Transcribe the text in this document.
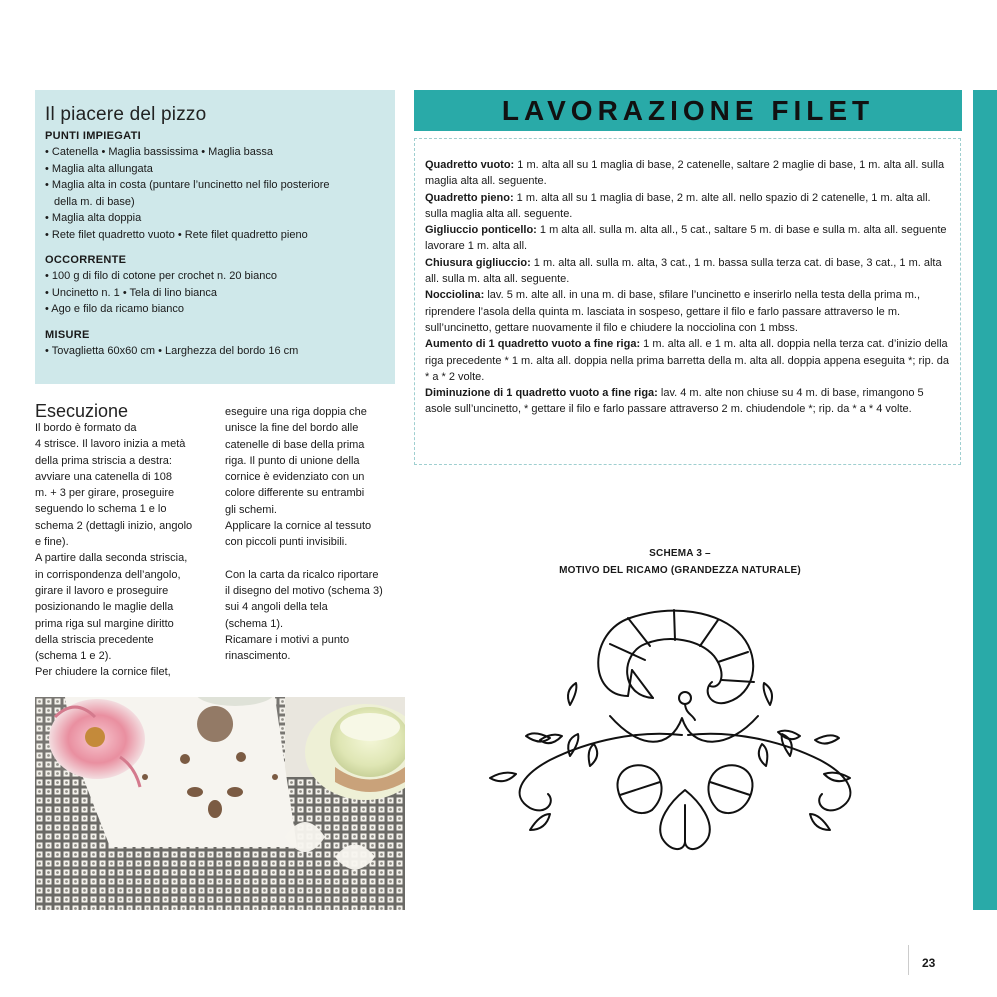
Il piacere del pizzo

PUNTI IMPIEGATI

• Catenella • Maglia bassissima • Maglia bassa

• Maglia alta allungata

• Maglia alta in costa (puntare l’uncinetto nel filo posteriore

della m. di base)

• Maglia alta doppia

• Rete filet quadretto vuoto • Rete filet quadretto pieno

OCCORRENTE

• 100 g di filo di cotone per crochet n. 20 bianco

• Uncinetto n. 1 • Tela di lino bianca

• Ago e filo da ricamo bianco

MISURE

• Tovaglietta 60x60 cm • Larghezza del bordo 16 cm

Esecuzione

Il bordo è formato da

4 strisce. Il lavoro inizia a metà

della prima striscia a destra:

avviare una catenella di 108

m. + 3 per girare, proseguire

seguendo lo schema 1 e lo

schema 2 (dettagli inizio, angolo

e fine).

A partire dalla seconda striscia,

in corrispondenza dell’angolo,

girare il lavoro e proseguire

posizionando le maglie della

prima riga sul margine diritto

della striscia precedente

(schema 1 e 2).

Per chiudere la cornice filet,

eseguire una riga doppia che

unisce la fine del bordo alle

catenelle di base della prima

riga. Il punto di unione della

cornice è evidenziato con un

colore differente su entrambi

gli schemi.

Applicare la cornice al tessuto

con piccoli punti invisibili.

Con la carta da ricalco riportare

il disegno del motivo (schema 3)

sui 4 angoli della tela

(schema 1).

Ricamare i motivi a punto

rinascimento.

LAVORAZIONE FILET

Quadretto vuoto: 1 m. alta all su 1 maglia di base, 2 catenelle, saltare 2 maglie di base, 1 m. alta all. sulla maglia alta all. seguente.

Quadretto pieno: 1 m. alta all su 1 maglia di base, 2 m. alte all. nello spazio di 2 catenelle, 1 m. alta all. sulla maglia alta all. seguente.

Gigliuccio ponticello: 1 m alta all. sulla m. alta all., 5 cat., saltare 5 m. di base e sulla m. alta all. seguente lavorare 1 m. alta all.

Chiusura gigliuccio: 1 m. alta all. sulla m. alta, 3 cat., 1 m. bassa sulla terza cat. di base, 3 cat., 1 m. alta all. sulla m. alta all. seguente.

Nocciolina: lav. 5 m. alte all. in una m. di base, sfilare l’uncinetto e inserirlo nella testa della prima m., riprendere l’asola della quinta m. lasciata in sospeso, gettare il filo e farlo passare attraverso le m. sull’uncinetto, gettare nuovamente il filo e chiudere la nocciolina con 1 mbss.

Aumento di 1 quadretto vuoto a fine riga: 1 m. alta all. e 1 m. alta all. doppia nella terza cat. d’inizio della riga precedente * 1 m. alta all. doppia nella prima barretta della m. alta all. doppia appena eseguita *; rip. da * a * 2 volte.

Diminuzione di 1 quadretto vuoto a fine riga: lav. 4 m. alte non chiuse su 4 m. di base, rimangono 5 asole sull’uncinetto, * gettare il filo e farlo passare attraverso 2 m. chiudendole *; rip. da * a * 4 volte.

SCHEMA 3 –
MOTIVO DEL RICAMO (GRANDEZZA NATURALE)
23
